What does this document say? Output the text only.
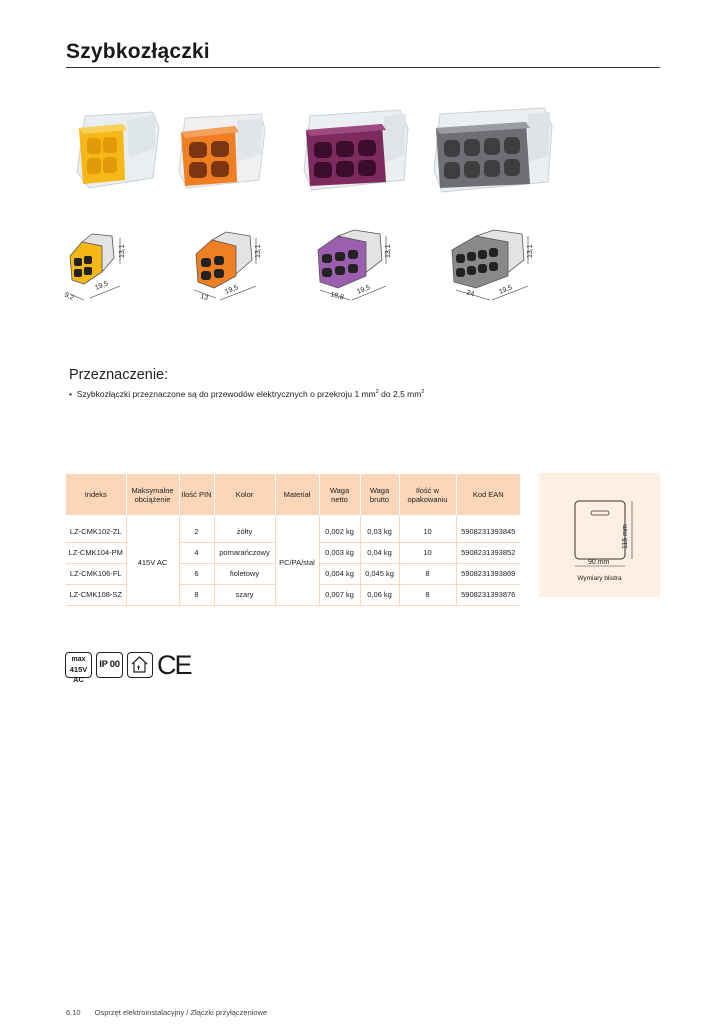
Szybkozłączki
13,1
19,5
9,2
13,1
19,5
13
13,1
19,5
18,8
13,1
19,5
24
Przeznaczenie:
•  Szybkozłączki przeznaczone są do przewodów elektrycznych o przekroju 1 $mm^2$ do 2,5 $mm^2$
Indeks	Maksymalne obciążenie	Ilość PIN	Kolor	Materiał	Waga netto	Waga brutto	Ilość w opakowaniu	Kod EAN
LZ-CMK102-ZL	415V AC	2	żółty	PC/PA/stal	0,002 kg	0,03 kg	10	5908231393845
LZ-CMK104-PM		4	pomarańczowy		0,003 kg	0,04 kg	10	5908231393852
LZ-CMK106-FL		6	fioletowy		0,004 kg	0,045 kg	8	5908231393869
LZ-CMK108-SZ		8	szary		0,007 kg	0,06 kg	8	5908231393876
90 mm
115 mm
Wymiary blistra
max
415V AC
IP 00 CE
6.10 Osprzęt elektroinstalacyjny / Złączki przyłączeniowe
